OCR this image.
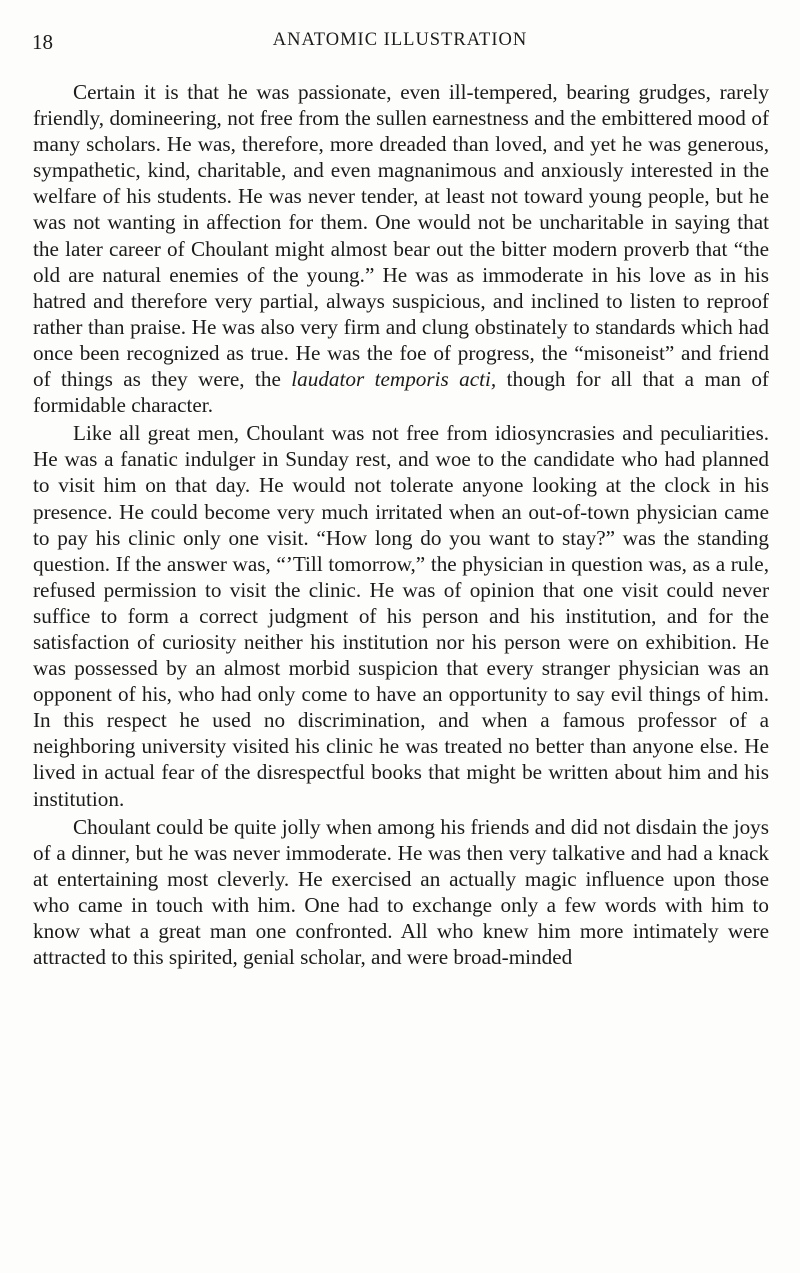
18	ANATOMIC ILLUSTRATION

Certain it is that he was passionate, even ill-tempered, bearing grudges, rarely friendly, domineering, not free from the sullen earnestness and the embittered mood of many scholars. He was, therefore, more dreaded than loved, and yet he was generous, sympathetic, kind, charitable, and even magnanimous and anxiously interested in the welfare of his students. He was never tender, at least not toward young people, but he was not wanting in affection for them. One would not be uncharitable in saying that the later career of Choulant might almost bear out the bitter modern proverb that “the old are natural enemies of the young.” He was as immoderate in his love as in his hatred and therefore very partial, always suspicious, and inclined to listen to reproof rather than praise. He was also very firm and clung obstinately to standards which had once been recognized as true. He was the foe of progress, the “misoneist” and friend of things as they were, the laudator temporis acti, though for all that a man of formidable character.

Like all great men, Choulant was not free from idiosyncrasies and peculiarities. He was a fanatic indulger in Sunday rest, and woe to the candidate who had planned to visit him on that day. He would not tolerate anyone looking at the clock in his presence. He could become very much irritated when an out-of-town physician came to pay his clinic only one visit. “How long do you want to stay?” was the standing question. If the answer was, “’Till tomorrow,” the physician in question was, as a rule, refused permission to visit the clinic. He was of opinion that one visit could never suffice to form a correct judgment of his person and his institution, and for the satisfaction of curiosity neither his institution nor his person were on exhibition. He was possessed by an almost morbid suspicion that every stranger physician was an opponent of his, who had only come to have an opportunity to say evil things of him. In this respect he used no discrimination, and when a famous professor of a neighboring university visited his clinic he was treated no better than anyone else. He lived in actual fear of the disrespectful books that might be written about him and his institution.

Choulant could be quite jolly when among his friends and did not disdain the joys of a dinner, but he was never immoderate. He was then very talkative and had a knack at entertaining most cleverly. He exercised an actually magic influence upon those who came in touch with him. One had to exchange only a few words with him to know what a great man one confronted. All who knew him more intimately were attracted to this spirited, genial scholar, and were broad-minded
